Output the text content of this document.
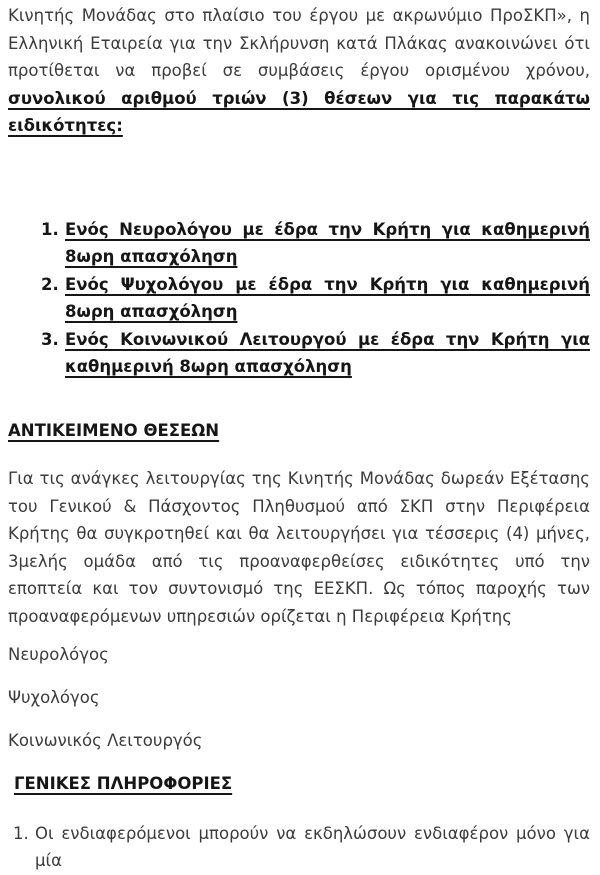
Κινητής Μονάδας στο πλαίσιο του έργου με ακρωνύμιο ΠροΣΚΠ», η Ελληνική Εταιρεία για την Σκλήρυνση κατά Πλάκας ανακοινώνει ότι προτίθεται να προβεί σε συμβάσεις έργου ορισμένου χρόνου, συνολικού αριθμού τριών (3) θέσεων για τις παρακάτω ειδικότητες:

1. Ενός Νευρολόγου με έδρα την Κρήτη για καθημερινή 8ωρη απασχόληση
2. Ενός Ψυχολόγου με έδρα την Κρήτη για καθημερινή 8ωρη απασχόληση
3. Ενός Κοινωνικού Λειτουργού με έδρα την Κρήτη για καθημερινή 8ωρη απασχόληση
ΑΝΤΙΚΕΙΜΕΝΟ ΘΕΣΕΩΝ

Για τις ανάγκες λειτουργίας της Κινητής Μονάδας δωρεάν Εξέτασης του Γενικού & Πάσχοντος Πληθυσμού από ΣΚΠ στην Περιφέρεια Κρήτης θα συγκροτηθεί και θα λειτουργήσει για τέσσερις (4) μήνες, 3μελής ομάδα από τις προαναφερθείσες ειδικότητες υπό την εποπτεία και τον συντονισμό της ΕΕΣΚΠ. Ως τόπος παροχής των προαναφερόμενων υπηρεσιών ορίζεται η Περιφέρεια Κρήτης

Νευρολόγος

Ψυχολόγος

Κοινωνικός Λειτουργός

ΓΕΝΙΚΕΣ ΠΛΗΡΟΦΟΡΙΕΣ
1. Οι ενδιαφερόμενοι μπορούν να εκδηλώσουν ενδιαφέρον μόνο για μία
